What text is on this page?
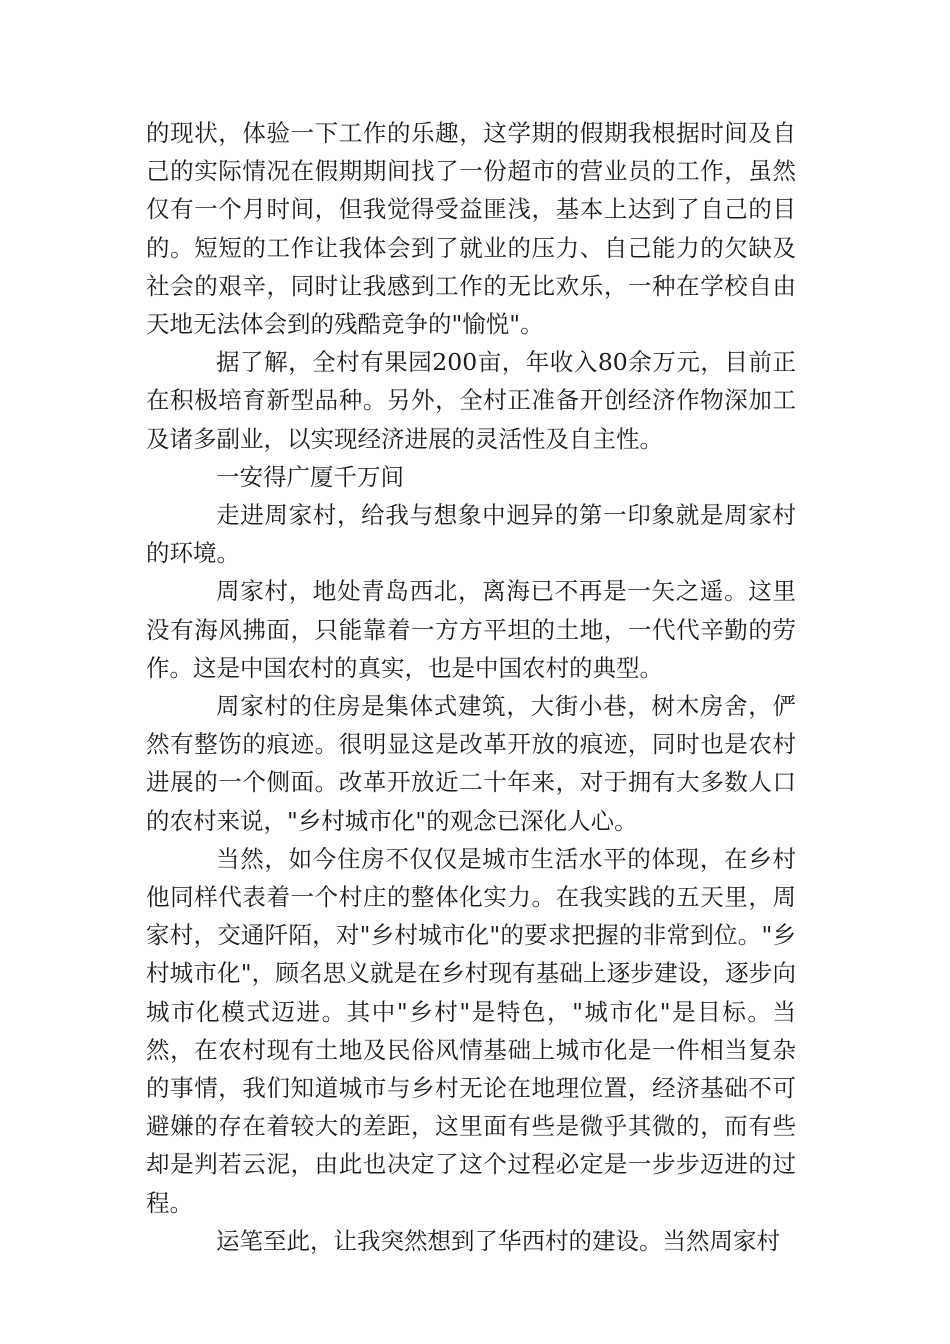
的现状，体验一下工作的乐趣，这学期的假期我根据时间及自己的实际情况在假期期间找了一份超市的营业员的工作，虽然仅有一个月时间，但我觉得受益匪浅，基本上达到了自己的目的。短短的工作让我体会到了就业的压力、自己能力的欠缺及社会的艰辛，同时让我感到工作的无比欢乐，一种在学校自由天地无法体会到的残酷竞争的"愉悦"。

据了解，全村有果园200亩，年收入80余万元，目前正在积极培育新型品种。另外，全村正准备开创经济作物深加工及诸多副业，以实现经济进展的灵活性及自主性。

一安得广厦千万间

走进周家村，给我与想象中迥异的第一印象就是周家村的环境。

周家村，地处青岛西北，离海已不再是一矢之遥。这里没有海风拂面，只能靠着一方方平坦的土地，一代代辛勤的劳作。这是中国农村的真实，也是中国农村的典型。

周家村的住房是集体式建筑，大街小巷，树木房舍，俨然有整饬的痕迹。很明显这是改革开放的痕迹，同时也是农村进展的一个侧面。改革开放近二十年来，对于拥有大多数人口的农村来说，"乡村城市化"的观念已深化人心。

当然，如今住房不仅仅是城市生活水平的体现，在乡村他同样代表着一个村庄的整体化实力。在我实践的五天里，周家村，交通阡陌，对"乡村城市化"的要求把握的非常到位。"乡村城市化"，顾名思义就是在乡村现有基础上逐步建设，逐步向城市化模式迈进。其中"乡村"是特色，"城市化"是目标。当然，在农村现有土地及民俗风情基础上城市化是一件相当复杂的事情，我们知道城市与乡村无论在地理位置，经济基础不可避嫌的存在着较大的差距，这里面有些是微乎其微的，而有些却是判若云泥，由此也决定了这个过程必定是一步步迈进的过程。

运笔至此，让我突然想到了华西村的建设。当然周家村
